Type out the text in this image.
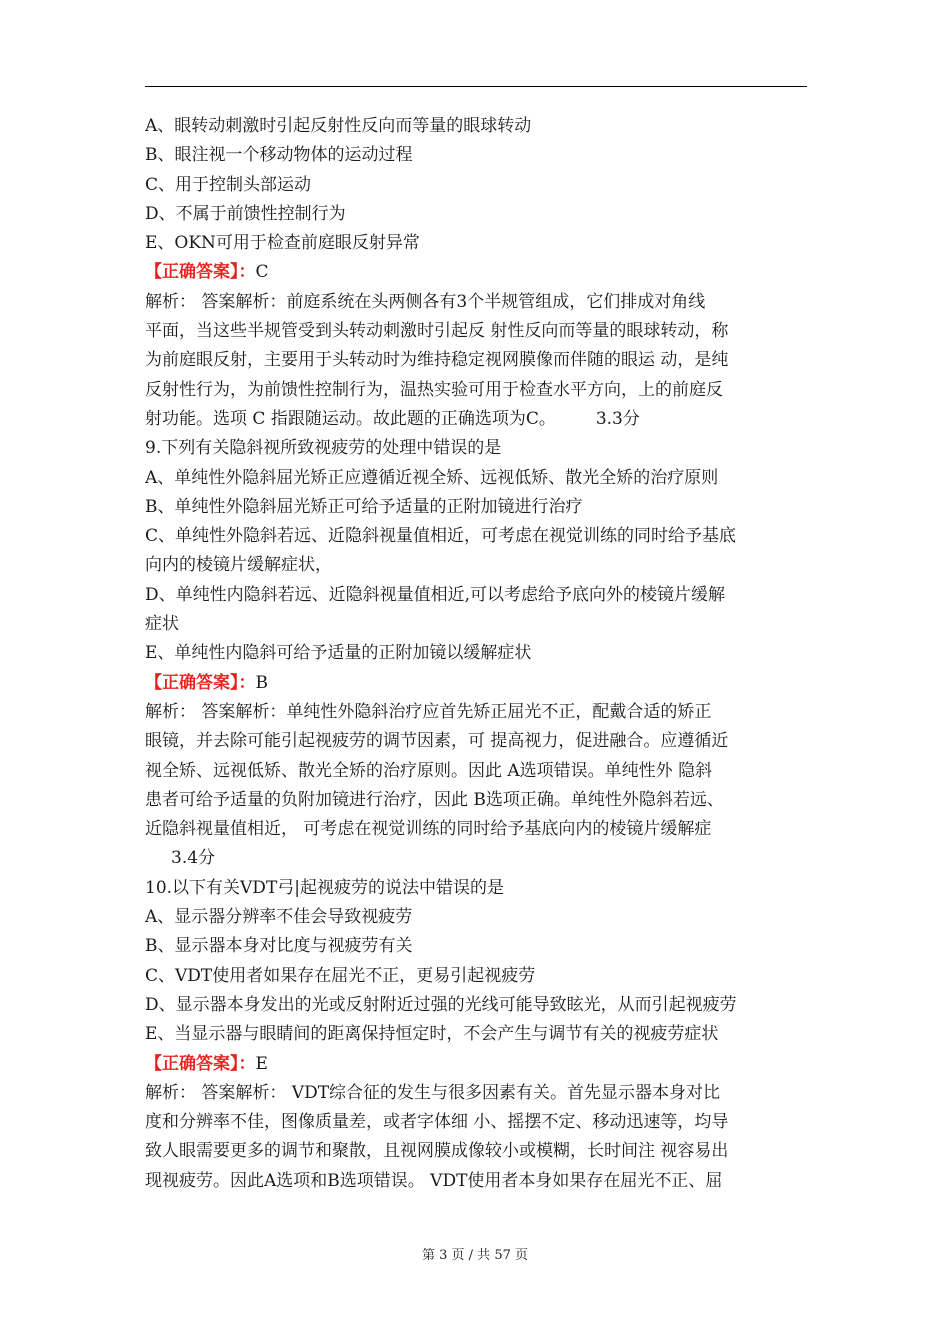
A、眼转动刺激时引起反射性反向而等量的眼球转动
B、眼注视一个移动物体的运动过程
C、用于控制头部运动
D、不属于前馈性控制行为
E、OKN可用于检查前庭眼反射异常
【正确答案】：C
解析： 答案解析：前庭系统在头两侧各有3个半规管组成，它们排成对角线
平面，当这些半规管受到头转动刺激时引起反 射性反向而等量的眼球转动，称
为前庭眼反射，主要用于头转动时为维持稳定视网膜像而伴随的眼运 动，是纯
反射性行为，为前馈性控制行为，温热实验可用于检查水平方向，上的前庭反
射功能。选项 C 指跟随运动。故此题的正确选项为C。 3.3分
9.下列有关隐斜视所致视疲劳的处理中错误的是
A、单纯性外隐斜屈光矫正应遵循近视全矫、远视低矫、散光全矫的治疗原则
B、单纯性外隐斜屈光矫正可给予适量的正附加镜进行治疗
C、单纯性外隐斜若远、近隐斜视量值相近，可考虑在视觉训练的同时给予基底
向内的棱镜片缓解症状，
D、单纯性内隐斜若远、近隐斜视量值相近,可以考虑给予底向外的棱镜片缓解
症状
E、单纯性内隐斜可给予适量的正附加镜以缓解症状
【正确答案】：B
解析： 答案解析：单纯性外隐斜治疗应首先矫正屈光不正，配戴合适的矫正
眼镜，并去除可能引起视疲劳的调节因素，可 提高视力，促进融合。应遵循近
视全矫、远视低矫、散光全矫的治疗原则。因此 A选项错误。单纯性外 隐斜
患者可给予适量的负附加镜进行治疗，因此 B选项正确。单纯性外隐斜若远、
近隐斜视量值相近， 可考虑在视觉训练的同时给予基底向内的棱镜片缓解症
3.4分
10.以下有关VDT弓|起视疲劳的说法中错误的是
A、显示器分辨率不佳会导致视疲劳
B、显示器本身对比度与视疲劳有关
C、VDT使用者如果存在屈光不正，更易引起视疲劳
D、显示器本身发出的光或反射附近过强的光线可能导致眩光，从而引起视疲劳
E、当显示器与眼睛间的距离保持恒定时，不会产生与调节有关的视疲劳症状
【正确答案】：E
解析： 答案解析： VDT综合征的发生与很多因素有关。首先显示器本身对比
度和分辨率不佳，图像质量差，或者字体细 小、摇摆不定、移动迅速等，均导
致人眼需要更多的调节和聚散，且视网膜成像较小或模糊，长时间注 视容易出
现视疲劳。因此A选项和B选项错误。 VDT使用者本身如果存在屈光不正、屈
第 3 页 / 共 57 页
